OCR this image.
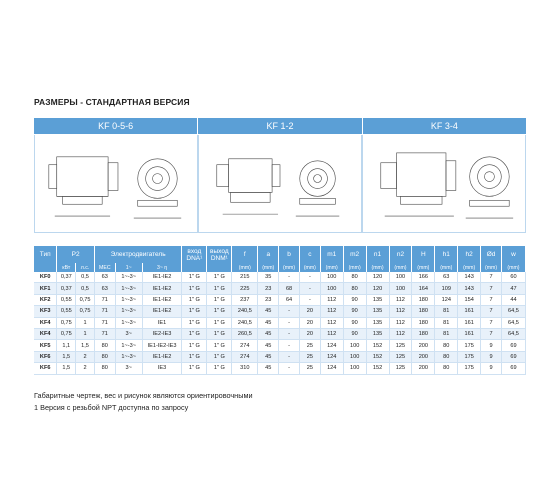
РАЗМЕРЫ - СТАНДАРТНАЯ ВЕРСИЯ
KF 0-5-6	KF 1-2	KF 3-4
Тип	P2		Электродвигатель			вход DNA¹	выход DNM¹	f	a	b	c	m1	m2	n1	n2	H	h1	h2	Ød	w
	кВт	л.с.	МЕС	1~	3~ η			(mm)	(mm)	(mm)	(mm)	(mm)	(mm)	(mm)	(mm)	(mm)	(mm)	(mm)	(mm)	(mm)
KF0	0,37	0,5	63	1~-3~	IE1-IE2	1" G	1" G	215	35	-	-	100	80	120	100	166	63	143	7	60
KF1	0,37	0,5	63	1~-3~	IE1-IE2	1" G	1" G	225	23	68	-	100	80	120	100	164	109	143	7	47
KF2	0,55	0,75	71	1~-3~	IE1-IE2	1" G	1" G	237	23	64	-	112	90	135	112	180	124	154	7	44
KF3	0,55	0,75	71	1~-3~	IE1-IE2	1" G	1" G	240,5	45	-	20	112	90	135	112	180	81	161	7	64,5
KF4	0,75	1	71	1~-3~	IE1	1" G	1" G	240,5	45	-	20	112	90	135	112	180	81	161	7	64,5
KF4	0,75	1	71	3~	IE2-IE3	1" G	1" G	260,5	45	-	20	112	90	135	112	180	81	161	7	64,5
KF5	1,1	1,5	80	1~-3~	IE1-IE2-IE3	1" G	1" G	274	45	-	25	124	100	152	125	200	80	175	9	69
KF6	1,5	2	80	1~-3~	IE1-IE2	1" G	1" G	274	45	-	25	124	100	152	125	200	80	175	9	69
KF6	1,5	2	80	3~	IE3	1" G	1" G	310	45	-	25	124	100	152	125	200	80	175	9	69
Габаритные чертеж, вес и рисунок являются ориентировочными
1 Версия с резьбой NPT доступна по запросу
